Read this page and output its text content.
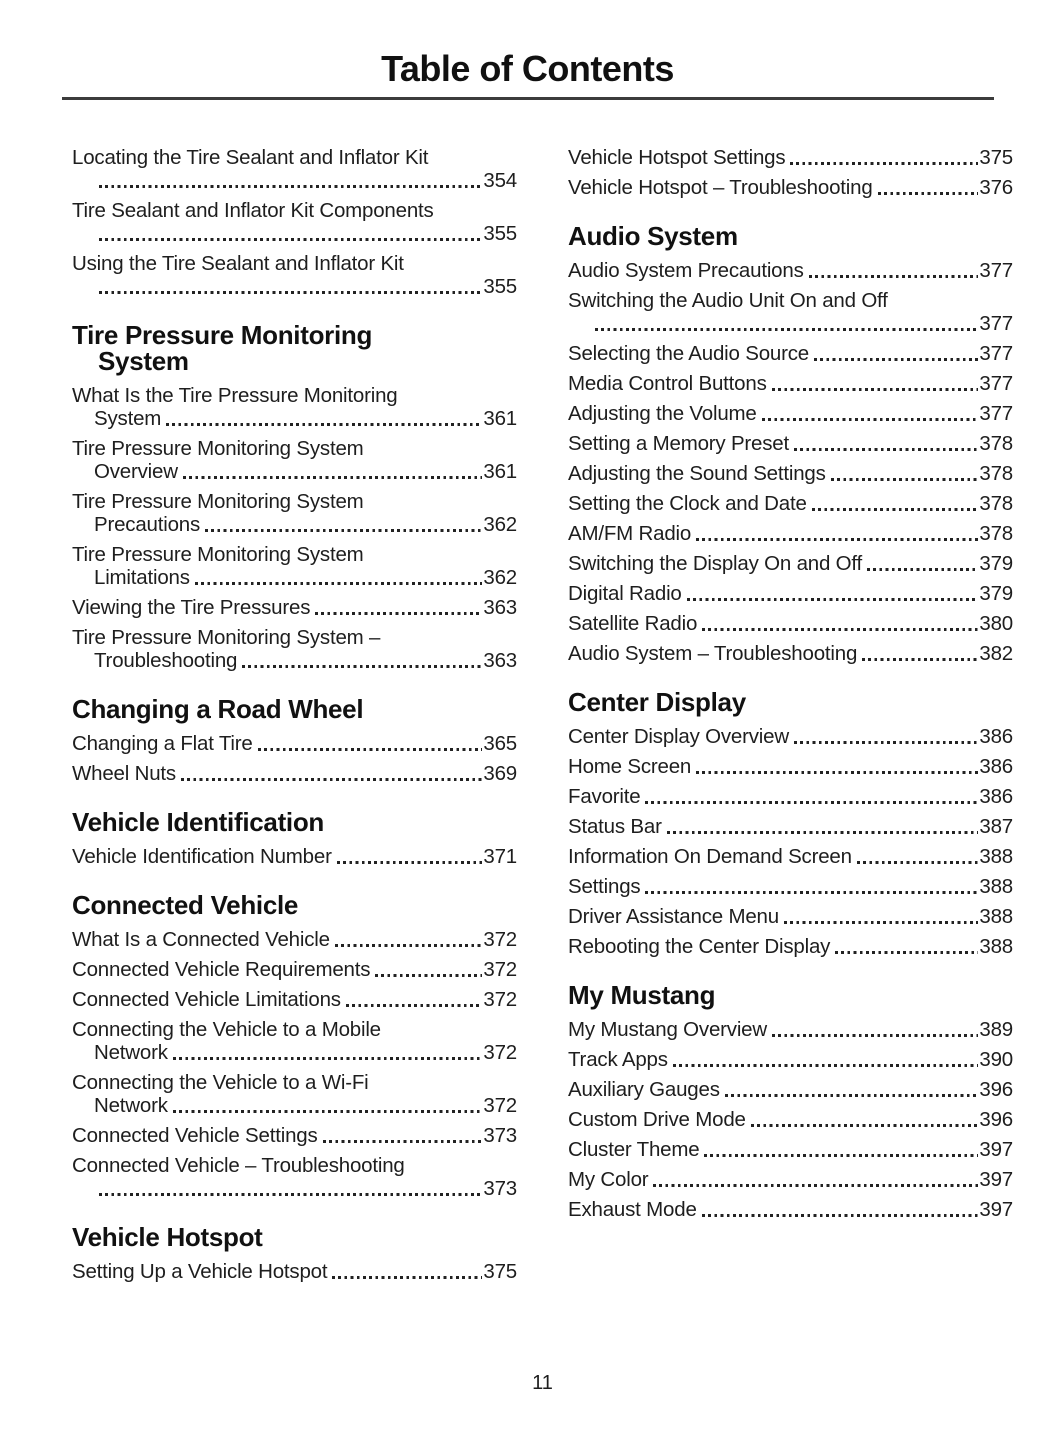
Table of Contents
Locating the Tire Sealant and Inflator Kit
354
Tire Sealant and Inflator Kit Components
355
Using the Tire Sealant and Inflator Kit
355
Tire Pressure Monitoring
System
What Is the Tire Pressure Monitoring
System	361
Tire Pressure Monitoring System
Overview	361
Tire Pressure Monitoring System
Precautions	362
Tire Pressure Monitoring System
Limitations	362
Viewing the Tire Pressures	363
Tire Pressure Monitoring System –
Troubleshooting	363
Changing a Road Wheel
Changing a Flat Tire	365
Wheel Nuts	369
Vehicle Identification
Vehicle Identification Number	371
Connected Vehicle
What Is a Connected Vehicle	372
Connected Vehicle Requirements	372
Connected Vehicle Limitations	372
Connecting the Vehicle to a Mobile
Network	372
Connecting the Vehicle to a Wi-Fi
Network	372
Connected Vehicle Settings	373
Connected Vehicle – Troubleshooting
373
Vehicle Hotspot
Setting Up a Vehicle Hotspot	375
Vehicle Hotspot Settings	375
Vehicle Hotspot – Troubleshooting	376
Audio System
Audio System Precautions	377
Switching the Audio Unit On and Off
377
Selecting the Audio Source	377
Media Control Buttons	377
Adjusting the Volume	377
Setting a Memory Preset	378
Adjusting the Sound Settings	378
Setting the Clock and Date	378
AM/FM Radio	378
Switching the Display On and Off	379
Digital Radio	379
Satellite Radio	380
Audio System – Troubleshooting	382
Center Display
Center Display Overview	386
Home Screen	386
Favorite	386
Status Bar	387
Information On Demand Screen	388
Settings	388
Driver Assistance Menu	388
Rebooting the Center Display	388
My Mustang
My Mustang Overview	389
Track Apps	390
Auxiliary Gauges	396
Custom Drive Mode	396
Cluster Theme	397
My Color	397
Exhaust Mode	397
11
